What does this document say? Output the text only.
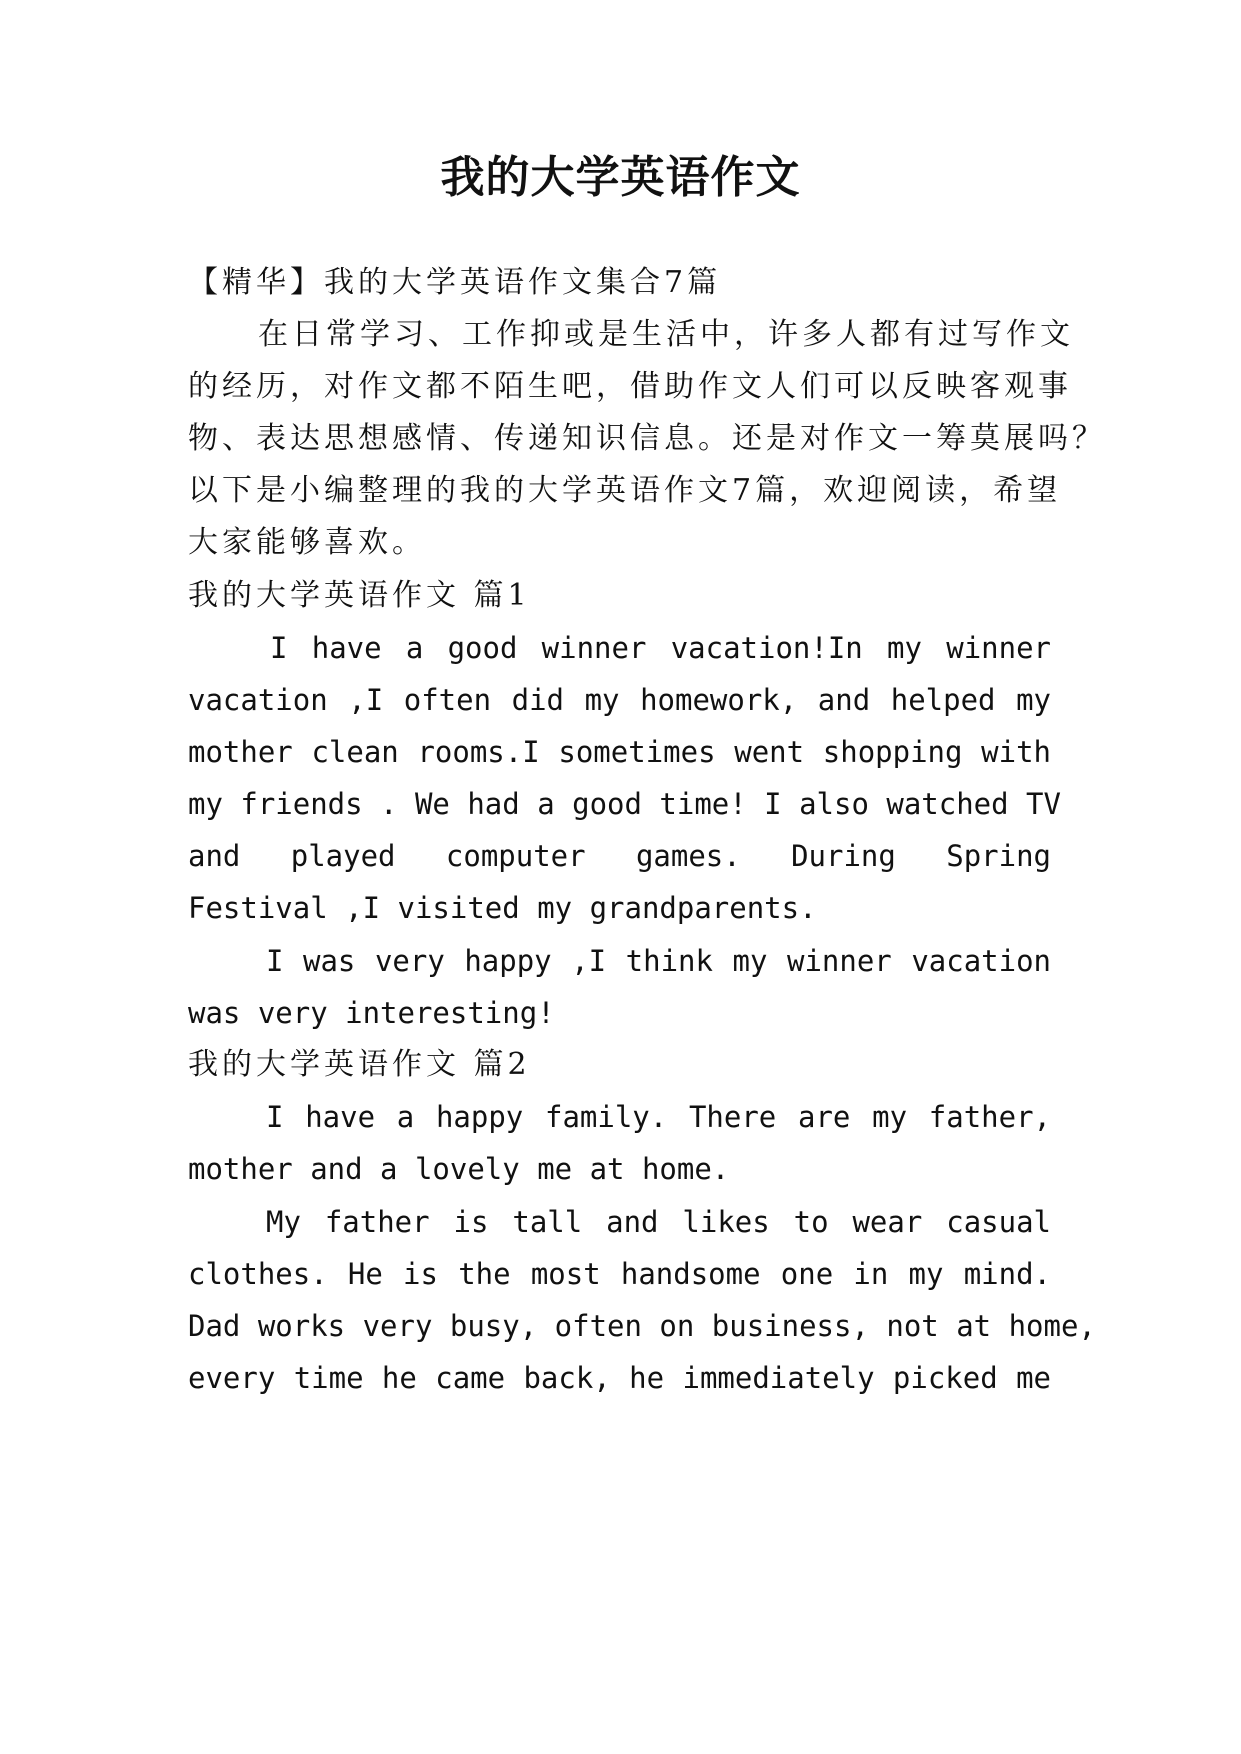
我的大学英语作文

【精华】我的大学英语作文集合7篇

在日常学习、工作抑或是生活中，许多人都有过写作文

的经历，对作文都不陌生吧，借助作文人们可以反映客观事

物、表达思想感情、传递知识信息。还是对作文一筹莫展吗？

以下是小编整理的我的大学英语作文7篇，欢迎阅读，希望

大家能够喜欢。

我的大学英语作文 篇1

I have a good winner vacation!In my winner

vacation ,I often did my homework, and helped my

mother clean rooms.I sometimes went shopping with

my friends . We had a good time! I also watched TV

and played computer games. During Spring

Festival ,I visited my grandparents.

I was very happy ,I think my winner vacation

was very interesting!

我的大学英语作文 篇2

I have a happy family. There are my father,

mother and a lovely me at home.

My father is tall and likes to wear casual

clothes. He is the most handsome one in my mind.

Dad works very busy, often on business, not at home,

every time he came back, he immediately picked me
